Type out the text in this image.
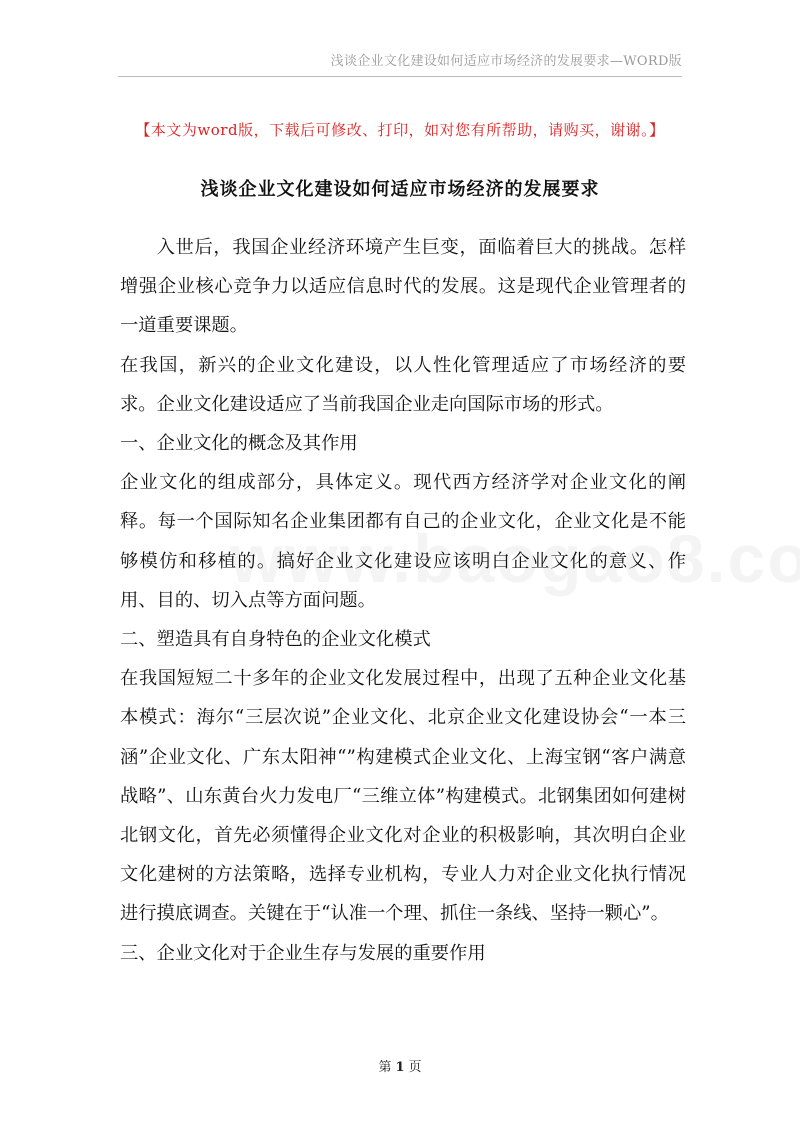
浅谈企业文化建设如何适应市场经济的发展要求—WORD版
【本文为word版，下载后可修改、打印，如对您有所帮助，请购买，谢谢。】
浅谈企业文化建设如何适应市场经济的发展要求

入世后，我国企业经济环境产生巨变，面临着巨大的挑战。怎样增强企业核心竞争力以适应信息时代的发展。这是现代企业管理者的一道重要课题。

在我国，新兴的企业文化建设，以人性化管理适应了市场经济的要求。企业文化建设适应了当前我国企业走向国际市场的形式。

一、企业文化的概念及其作用

企业文化的组成部分，具体定义。现代西方经济学对企业文化的阐释。每一个国际知名企业集团都有自己的企业文化，企业文化是不能够模仿和移植的。搞好企业文化建设应该明白企业文化的意义、作用、目的、切入点等方面问题。

二、塑造具有自身特色的企业文化模式

在我国短短二十多年的企业文化发展过程中，出现了五种企业文化基本模式：海尔“三层次说”企业文化、北京企业文化建设协会“一本三涵”企业文化、广东太阳神“”构建模式企业文化、上海宝钢“客户满意战略”、山东黄台火力发电厂“三维立体”构建模式。北钢集团如何建树北钢文化，首先必须懂得企业文化对企业的积极影响，其次明白企业文化建树的方法策略，选择专业机构，专业人力对企业文化执行情况进行摸底调查。关键在于“认准一个理、抓住一条线、坚持一颗心”。

三、企业文化对于企业生存与发展的重要作用

第 1 页
